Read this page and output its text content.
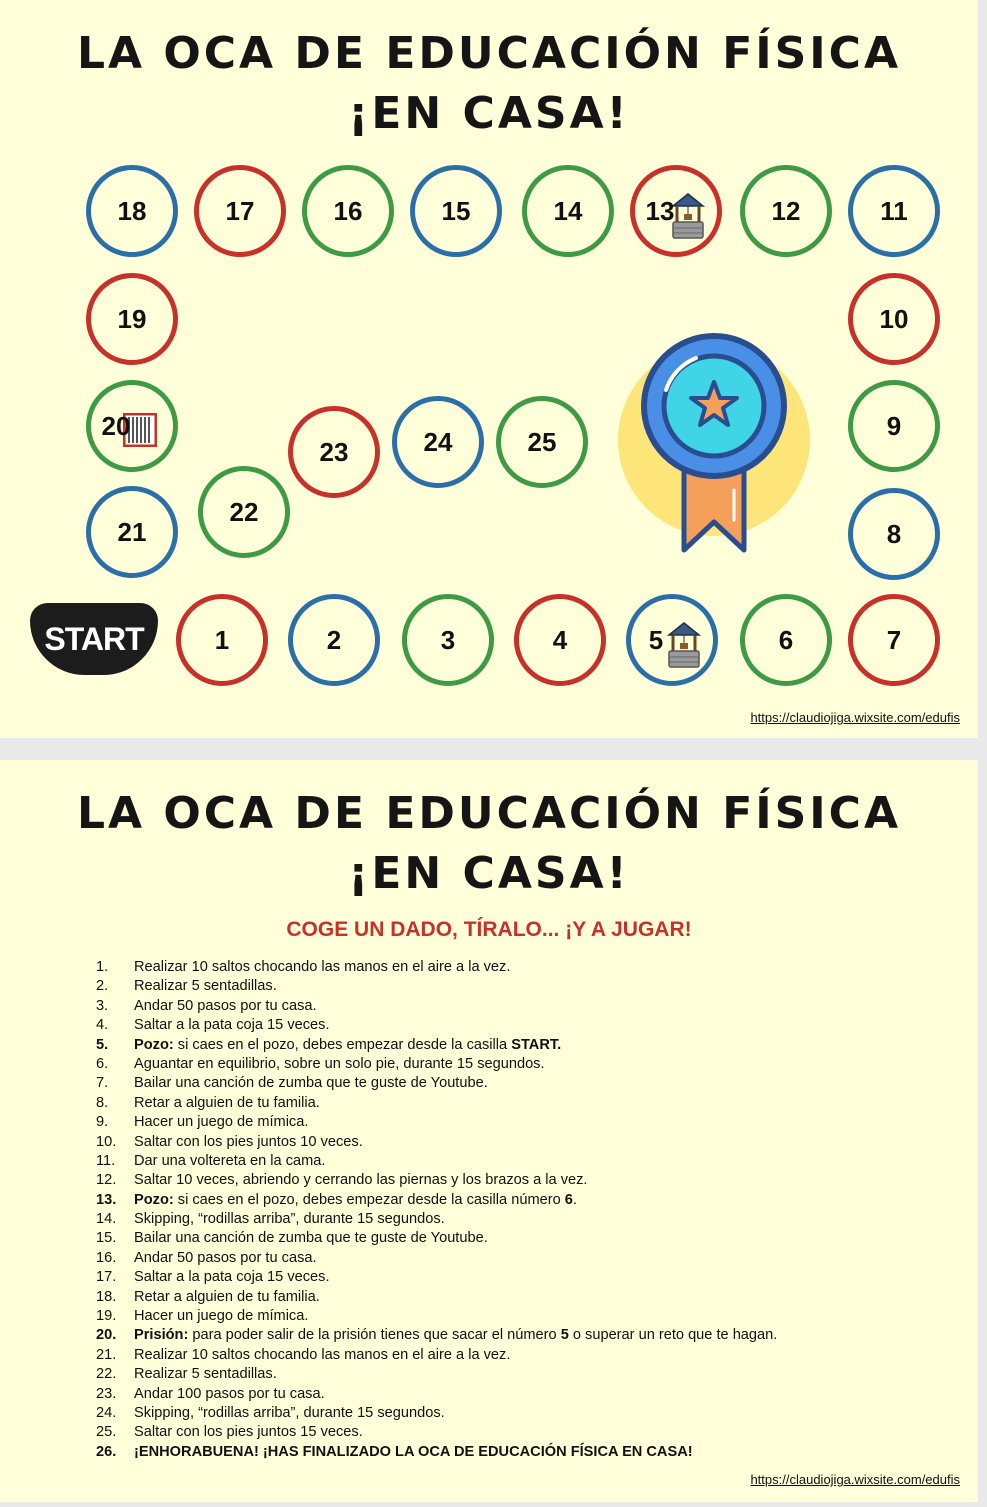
LA OCA DE EDUCACIÓN FÍSICA
¡EN CASA!
1	2	3	4	5	6	7
8
9
10
11
12
13
14
15
16
17
18
19
20
21
22
23	24	25
START
https://claudiojiga.wixsite.com/edufis
LA OCA DE EDUCACIÓN FÍSICA
¡EN CASA!
COGE UN DADO, TÍRALO... ¡Y A JUGAR!
1. Realizar 10 saltos chocando las manos en el aire a la vez.
2. Realizar 5 sentadillas.
3. Andar 50 pasos por tu casa.
4. Saltar a la pata coja 15 veces.
5. Pozo: si caes en el pozo, debes empezar desde la casilla START.
6. Aguantar en equilibrio, sobre un solo pie, durante 15 segundos.
7. Bailar una canción de zumba que te guste de Youtube.
8. Retar a alguien de tu familia.
9. Hacer un juego de mímica.
10. Saltar con los pies juntos 10 veces.
11. Dar una voltereta en la cama.
12. Saltar 10 veces, abriendo y cerrando las piernas y los brazos a la vez.
13. Pozo: si caes en el pozo, debes empezar desde la casilla número 6.
14. Skipping, “rodillas arriba”, durante 15 segundos.
15. Bailar una canción de zumba que te guste de Youtube.
16. Andar 50 pasos por tu casa.
17. Saltar a la pata coja 15 veces.
18. Retar a alguien de tu familia.
19. Hacer un juego de mímica.
20. Prisión: para poder salir de la prisión tienes que sacar el número 5 o superar un reto que te hagan.
21. Realizar 10 saltos chocando las manos en el aire a la vez.
22. Realizar 5 sentadillas.
23. Andar 100 pasos por tu casa.
24. Skipping, “rodillas arriba”, durante 15 segundos.
25. Saltar con los pies juntos 15 veces.
26. ¡ENHORABUENA! ¡HAS FINALIZADO LA OCA DE EDUCACIÓN FÍSICA EN CASA!
https://claudiojiga.wixsite.com/edufis
